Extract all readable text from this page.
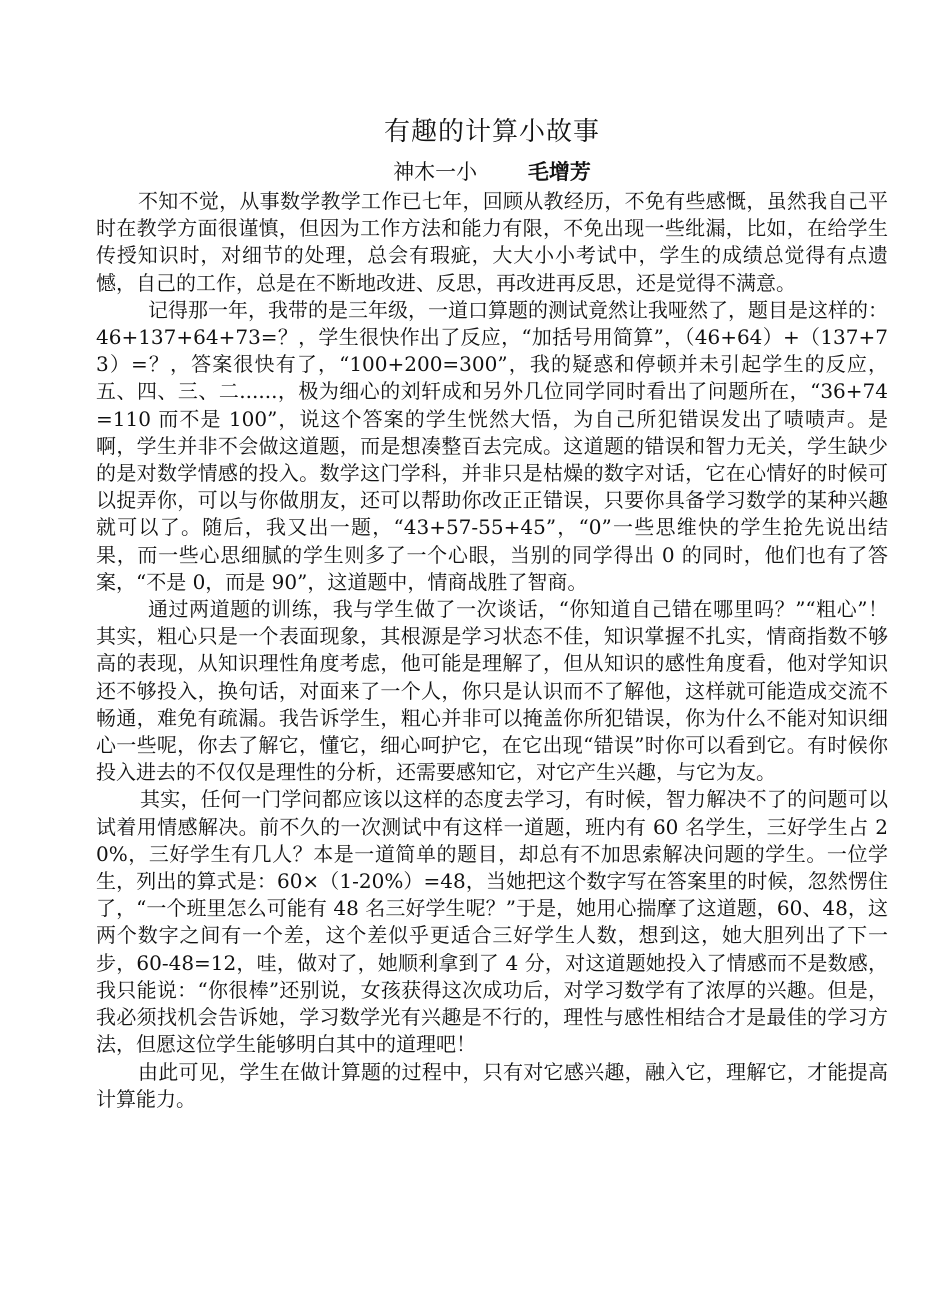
有趣的计算小故事
神木一小 毛增芳

不知不觉，从事数学教学工作已七年，回顾从教经历，不免有些感慨，虽然我自己平时在教学方面很谨慎，但因为工作方法和能力有限，不免出现一些纰漏，比如，在给学生传授知识时，对细节的处理，总会有瑕疵，大大小小考试中，学生的成绩总觉得有点遗憾，自己的工作，总是在不断地改进、反思，再改进再反思，还是觉得不满意。

记得那一年，我带的是三年级，一道口算题的测试竟然让我哑然了，题目是这样的：46+137+64+73=？，学生很快作出了反应，“加括号用简算”，（46+64）+（137+73）=？，答案很快有了，“100+200=300”，我的疑惑和停顿并未引起学生的反应，五、四、三、二......，极为细心的刘轩成和另外几位同学同时看出了问题所在，“36+74=110 而不是 100”，说这个答案的学生恍然大悟，为自己所犯错误发出了啧啧声。是啊，学生并非不会做这道题，而是想凑整百去完成。这道题的错误和智力无关，学生缺少的是对数学情感的投入。数学这门学科，并非只是枯燥的数字对话，它在心情好的时候可以捉弄你，可以与你做朋友，还可以帮助你改正正错误，只要你具备学习数学的某种兴趣就可以了。随后，我又出一题，“43+57-55+45”，“0”一些思维快的学生抢先说出结果，而一些心思细腻的学生则多了一个心眼，当别的同学得出 0 的同时，他们也有了答案，“不是 0，而是 90”，这道题中，情商战胜了智商。

通过两道题的训练，我与学生做了一次谈话，“你知道自己错在哪里吗？”“粗心”！其实，粗心只是一个表面现象，其根源是学习状态不佳，知识掌握不扎实，情商指数不够高的表现，从知识理性角度考虑，他可能是理解了，但从知识的感性角度看，他对学知识还不够投入，换句话，对面来了一个人，你只是认识而不了解他，这样就可能造成交流不畅通，难免有疏漏。我告诉学生，粗心并非可以掩盖你所犯错误，你为什么不能对知识细心一些呢，你去了解它，懂它，细心呵护它，在它出现“错误”时你可以看到它。有时候你投入进去的不仅仅是理性的分析，还需要感知它，对它产生兴趣，与它为友。

其实，任何一门学问都应该以这样的态度去学习，有时候，智力解决不了的问题可以试着用情感解决。前不久的一次测试中有这样一道题，班内有 60 名学生，三好学生占 20%，三好学生有几人？本是一道简单的题目，却总有不加思索解决问题的学生。一位学生，列出的算式是：60×（1-20%）=48，当她把这个数字写在答案里的时候，忽然愣住了，“一个班里怎么可能有 48 名三好学生呢？”于是，她用心揣摩了这道题，60、48，这两个数字之间有一个差，这个差似乎更适合三好学生人数，想到这，她大胆列出了下一步，60-48=12，哇，做对了，她顺利拿到了 4 分，对这道题她投入了情感而不是数感，我只能说：“你很棒”还别说，女孩获得这次成功后，对学习数学有了浓厚的兴趣。但是，我必须找机会告诉她，学习数学光有兴趣是不行的，理性与感性相结合才是最佳的学习方法，但愿这位学生能够明白其中的道理吧！

由此可见，学生在做计算题的过程中，只有对它感兴趣，融入它，理解它，才能提高计算能力。
